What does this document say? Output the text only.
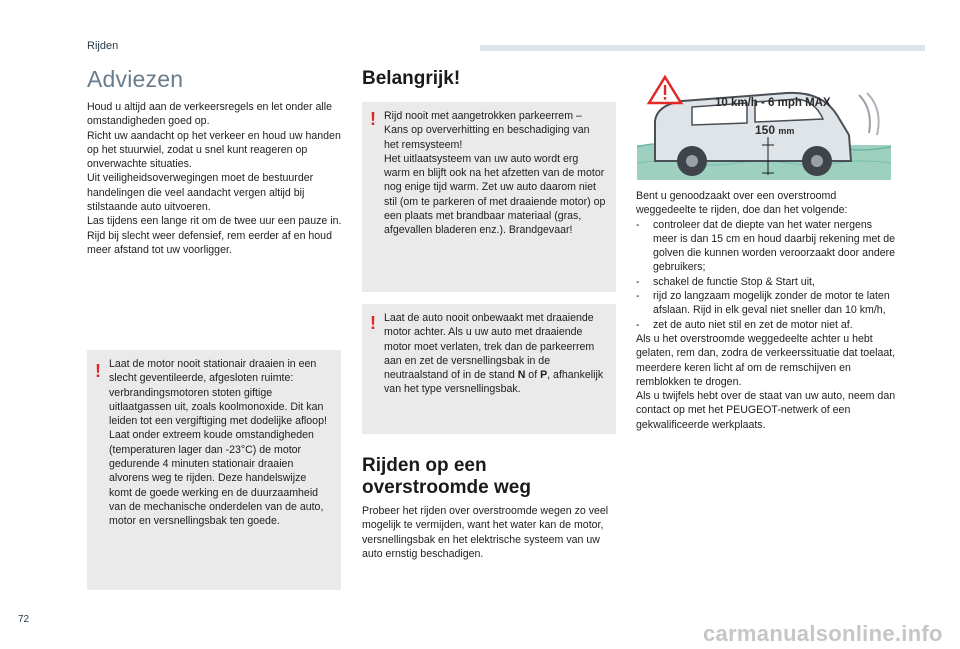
Rijden
Adviezen

Houd u altijd aan de verkeersregels en let onder alle omstandigheden goed op.

Richt uw aandacht op het verkeer en houd uw handen op het stuurwiel, zodat u snel kunt reageren op onverwachte situaties.

Uit veiligheidsoverwegingen moet de bestuurder handelingen die veel aandacht vergen altijd bij stilstaande auto uitvoeren.

Las tijdens een lange rit om de twee uur een pauze in.

Rijd bij slecht weer defensief, rem eerder af en houd meer afstand tot uw voorligger.

! Laat de motor nooit stationair draaien in een slecht geventileerde, afgesloten ruimte: verbrandingsmotoren stoten giftige uitlaatgassen uit, zoals koolmonoxide. Dit kan leiden tot een vergiftiging met dodelijke afloop!

Laat onder extreem koude omstandigheden (temperaturen lager dan -23°C) de motor gedurende 4 minuten stationair draaien alvorens weg te rijden. Deze handelswijze komt de goede werking en de duurzaamheid van de mechanische onderdelen van de auto, motor en versnellingsbak ten goede.

Belangrijk!
! Rijd nooit met aangetrokken parkeerrem – Kans op oververhitting en beschadiging van het remsysteem!

Het uitlaatsysteem van uw auto wordt erg warm en blijft ook na het afzetten van de motor nog enige tijd warm. Zet uw auto daarom niet stil (om te parkeren of met draaiende motor) op een plaats met brandbaar materiaal (gras, afgevallen bladeren enz.). Brandgevaar!

! Laat de auto nooit onbewaakt met draaiende motor achter. Als u uw auto met draaiende motor moet verlaten, trek dan de parkeerrem aan en zet de versnellingsbak in de neutraalstand of in de stand N of P, afhankelijk van het type versnellingsbak.

Rijden op een overstroomde weg
Probeer het rijden over overstroomde wegen zo veel mogelijk te vermijden, want het water kan de motor, versnellingsbak en het elektrische systeem van uw auto ernstig beschadigen.
10 km/h - 6 mph MAX
150 mm

Bent u genoodzaakt over een overstroomd weggedeelte te rijden, doe dan het volgende:

-	controleer dat de diepte van het water nergens meer is dan 15 cm en houd daarbij rekening met de golven die kunnen worden veroorzaakt door andere gebruikers;
-	schakel de functie Stop & Start uit,
-	rijd zo langzaam mogelijk zonder de motor te laten afslaan. Rijd in elk geval niet sneller dan 10 km/h,
-	zet de auto niet stil en zet de motor niet af.

Als u het overstroomde weggedeelte achter u hebt gelaten, rem dan, zodra de verkeerssituatie dat toelaat, meerdere keren licht af om de remschijven en remblokken te drogen.

Als u twijfels hebt over de staat van uw auto, neem dan contact op met het PEUGEOT-netwerk of een gekwalificeerde werkplaats.

72
carmanualsonline.info
